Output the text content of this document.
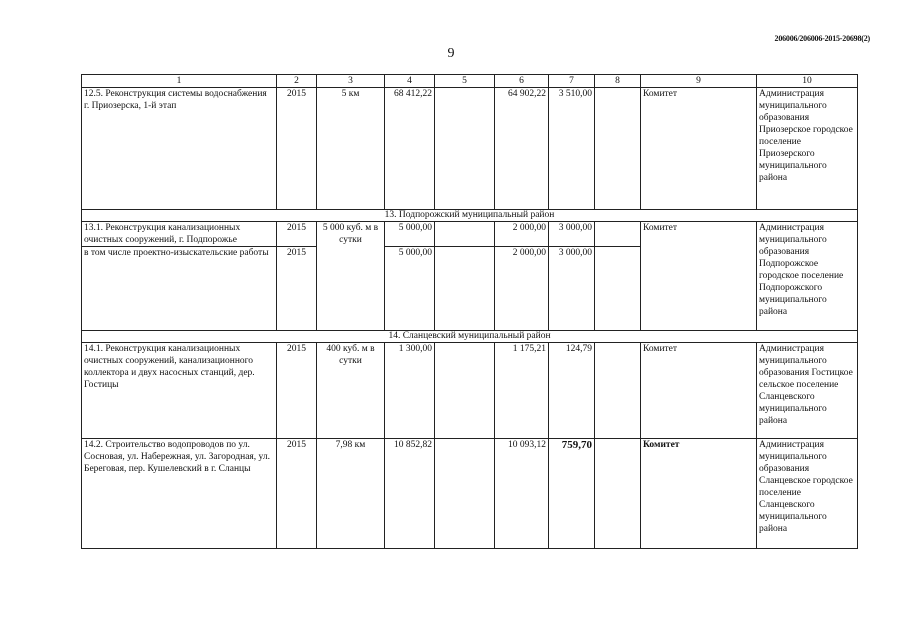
206006/206006-2015-20698(2)
9
1	2	3	4	5	6	7	8	9	10
12.5. Реконструкция системы водоснабжения г. Приозерска, 1-й этап	2015	5 км	68 412,22		64 902,22	3 510,00		Комитет	Администрация муниципального образования Приозерское городское поселение Приозерского муниципального района
13. Подпорожский муниципальный район									
13.1. Реконструкция канализационных очистных сооружений, г. Подпорожье	2015	5 000 куб. м в сутки	5 000,00		2 000,00	3 000,00		Комитет	Администрация муниципального образования Подпорожское городское поселение Подпорожского муниципального района
в том числе проектно-изыскательские работы	2015		5 000,00		2 000,00	3 000,00			
14. Сланцевский муниципальный район									
14.1. Реконструкция канализационных очистных сооружений, канализационного коллектора и двух насосных станций, дер. Гостицы	2015	400 куб. м в сутки	1 300,00		1 175,21	124,79		Комитет	Администрация муниципального образования Гостицкое сельское поселение Сланцевского муниципального района
14.2. Строительство водопроводов по ул. Сосновая, ул. Набережная, ул. Загородная, ул. Береговая, пер. Кушелевский в г. Сланцы	2015	7,98 км	10 852,82		10 093,12	759,70		Комитет	Администрация муниципального образования Сланцевское городское поселение Сланцевского муниципального района
